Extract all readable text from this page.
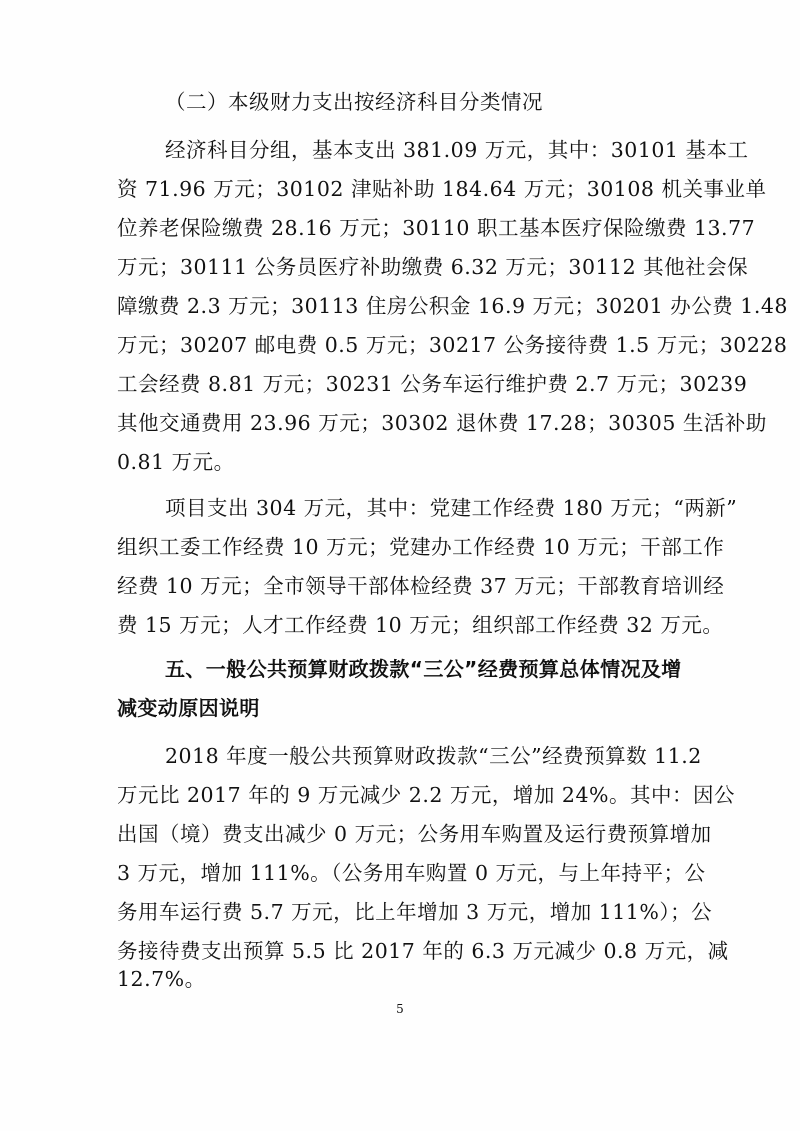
（二）本级财力支出按经济科目分类情况
经济科目分组，基本支出 381.09 万元，其中：30101 基本工
资 71.96 万元；30102 津贴补助 184.64 万元；30108 机关事业单
位养老保险缴费 28.16 万元；30110 职工基本医疗保险缴费 13.77
万元；30111 公务员医疗补助缴费 6.32 万元；30112 其他社会保
障缴费 2.3 万元；30113 住房公积金 16.9 万元；30201 办公费 1.48
万元；30207 邮电费 0.5 万元；30217 公务接待费 1.5 万元；30228
工会经费 8.81 万元；30231 公务车运行维护费 2.7 万元；30239
其他交通费用 23.96 万元；30302 退休费 17.28；30305 生活补助
0.81 万元。
项目支出 304 万元，其中：党建工作经费 180 万元；“两新”
组织工委工作经费 10 万元；党建办工作经费 10 万元；干部工作
经费 10 万元；全市领导干部体检经费 37 万元；干部教育培训经
费 15 万元；人才工作经费 10 万元；组织部工作经费 32 万元。
五、一般公共预算财政拨款“三公”经费预算总体情况及增
减变动原因说明
2018 年度一般公共预算财政拨款“三公”经费预算数 11.2
万元比 2017 年的 9 万元减少 2.2 万元，增加 24%。其中：因公
出国（境）费支出减少 0 万元；公务用车购置及运行费预算增加
3 万元，增加 111%。（公务用车购置 0 万元，与上年持平；公
务用车运行费 5.7 万元，比上年增加 3 万元，增加 111%）；公
务接待费支出预算 5.5 比 2017 年的 6.3 万元减少 0.8 万元，减
12.7%。
5
